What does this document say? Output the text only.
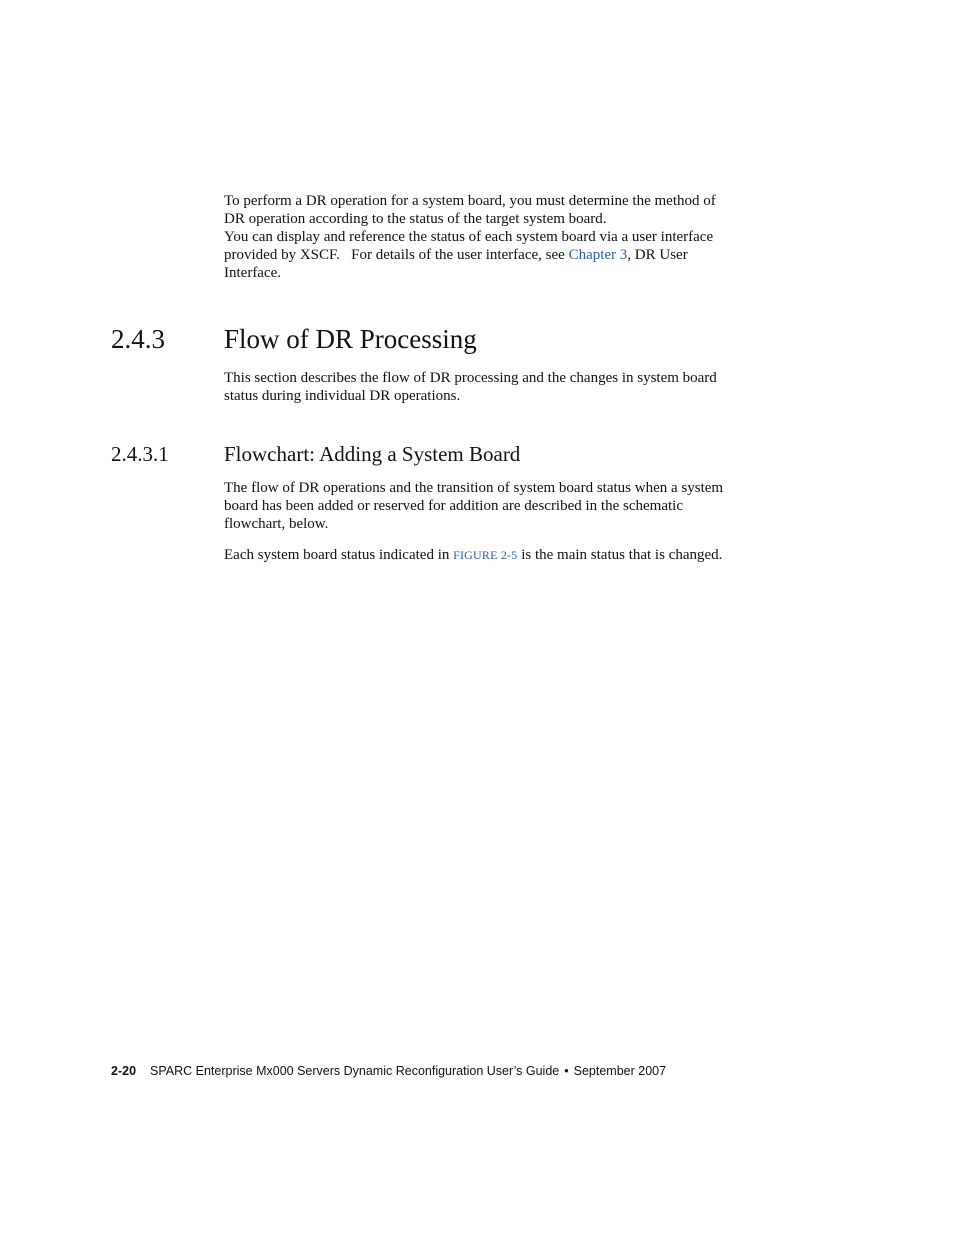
To perform a DR operation for a system board, you must determine the method of
DR operation according to the status of the target system board.
You can display and reference the status of each system board via a user interface
provided by XSCF.   For details of the user interface, see Chapter 3, DR User
Interface.
2.4.3 Flow of DR Processing
This section describes the flow of DR processing and the changes in system board
status during individual DR operations.
2.4.3.1	Flowchart: Adding a System Board
The flow of DR operations and the transition of system board status when a system
board has been added or reserved for addition are described in the schematic
flowchart, below.
Each system board status indicated in FIGURE 2-5 is the main status that is changed.
2-20 SPARC Enterprise Mx000 Servers Dynamic Reconfiguration User’s Guide • September 2007
